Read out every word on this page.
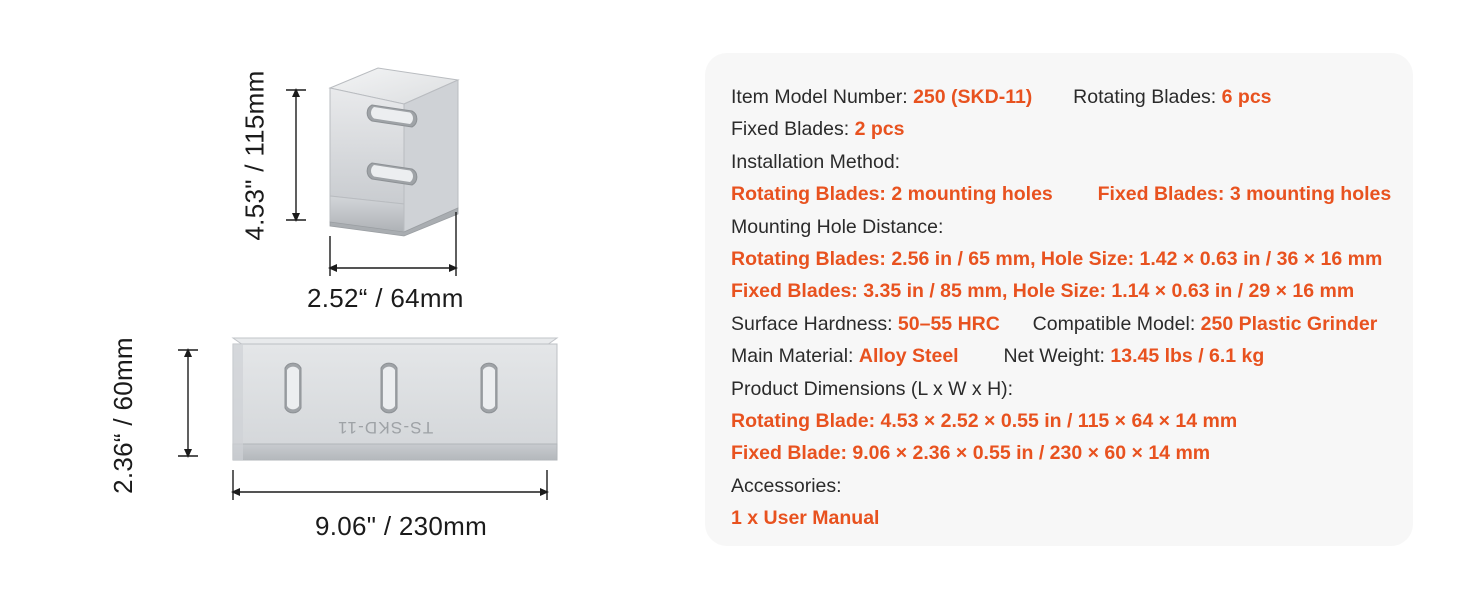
TS-SKD-11
4.53" / 115mm
2.52“ / 64mm
2.36“ / 60mm
9.06" / 230mm
Item Model Number: 250 (SKD-11) Rotating Blades: 6 pcs
Fixed Blades: 2 pcs
Installation Method:
Rotating Blades: 2 mounting holes Fixed Blades: 3 mounting holes
Mounting Hole Distance:
Rotating Blades: 2.56 in / 65 mm, Hole Size: 1.42 × 0.63 in / 36 × 16 mm
Fixed Blades: 3.35 in / 85 mm, Hole Size: 1.14 × 0.63 in / 29 × 16 mm
Surface Hardness: 50–55 HRC Compatible Model: 250 Plastic Grinder
Main Material: Alloy Steel Net Weight: 13.45 lbs / 6.1 kg
Product Dimensions (L x W x H):
Rotating Blade: 4.53 × 2.52 × 0.55 in / 115 × 64 × 14 mm
Fixed Blade: 9.06 × 2.36 × 0.55 in / 230 × 60 × 14 mm
Accessories:
1 x User Manual
